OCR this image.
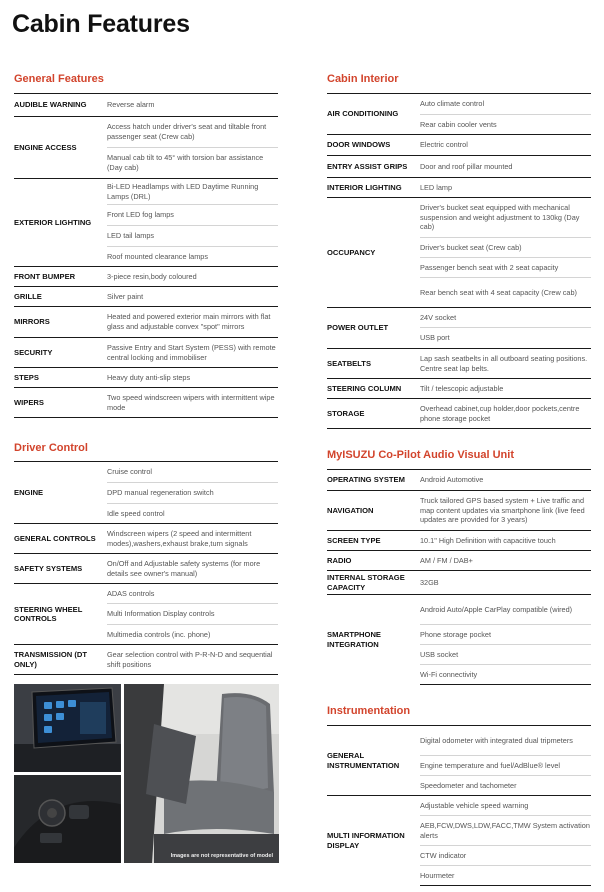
Cabin Features
General Features
AUDIBLE WARNING	Reverse alarm
ENGINE ACCESS	Access hatch under driver's seat and tiltable front passenger seat (Crew cab)
	Manual cab tilt to 45° with torsion bar assistance (Day cab)
EXTERIOR LIGHTING	Bi-LED Headlamps with LED Daytime Running Lamps (DRL)
	Front LED fog lamps
	LED tail lamps
	Roof mounted clearance lamps
FRONT BUMPER	3-piece resin,body coloured
GRILLE	Silver paint
MIRRORS	Heated and powered exterior main mirrors with flat glass and adjustable convex "spot" mirrors
SECURITY	Passive Entry and Start System (PESS) with remote central locking and immobiliser
STEPS	Heavy duty anti-slip steps
WIPERS	Two speed windscreen wipers with intermittent wipe mode
Driver Control
ENGINE	Cruise control
	DPD manual regeneration switch
	Idle speed control
GENERAL CONTROLS	Windscreen wipers (2 speed and intermittent modes),washers,exhaust brake,turn signals
SAFETY SYSTEMS	On/Off and Adjustable safety systems (for more details see owner's manual)
STEERING WHEEL CONTROLS	ADAS controls
	Multi Information Display controls
	Multimedia controls (inc. phone)
TRANSMISSION (DT ONLY)	Gear selection control with P-R-N-D and sequential shift positions
Images are not representative of model
Cabin Interior
AIR CONDITIONING	Auto climate control
	Rear cabin cooler vents
DOOR WINDOWS	Electric control
ENTRY ASSIST GRIPS	Door and roof pillar mounted
INTERIOR LIGHTING	LED lamp
OCCUPANCY	Driver's bucket seat equipped with mechanical suspension and weight adjustment to 130kg (Day cab)
	Driver's bucket seat (Crew cab)
	Passenger bench seat with 2 seat capacity
	Rear bench seat with 4 seat capacity (Crew cab)
POWER OUTLET	24V socket
	USB port
SEATBELTS	Lap sash seatbelts in all outboard seating positions. Centre seat lap belts.
STEERING COLUMN	Tilt / telescopic adjustable
STORAGE	Overhead cabinet,cup holder,door pockets,centre phone storage pocket
MyISUZU Co-Pilot Audio Visual Unit
OPERATING SYSTEM	Android Automotive
NAVIGATION	Truck tailored GPS based system + Live traffic and map content updates via smartphone link (live feed updates are provided for 3 years)
SCREEN TYPE	10.1" High Definition with capacitive touch
RADIO	AM / FM / DAB+
INTERNAL STORAGE CAPACITY	32GB
SMARTPHONE INTEGRATION	Android Auto/Apple CarPlay compatible (wired)
	Phone storage pocket
	USB socket
	Wi-Fi connectivity
Instrumentation
GENERAL INSTRUMENTATION	Digital odometer with integrated dual tripmeters
	Engine temperature and fuel/AdBlue® level
	Speedometer and tachometer
MULTI INFORMATION DISPLAY	Adjustable vehicle speed warning
	AEB,FCW,DWS,LDW,FACC,TMW System activation alerts
	CTW indicator
	Hourmeter
